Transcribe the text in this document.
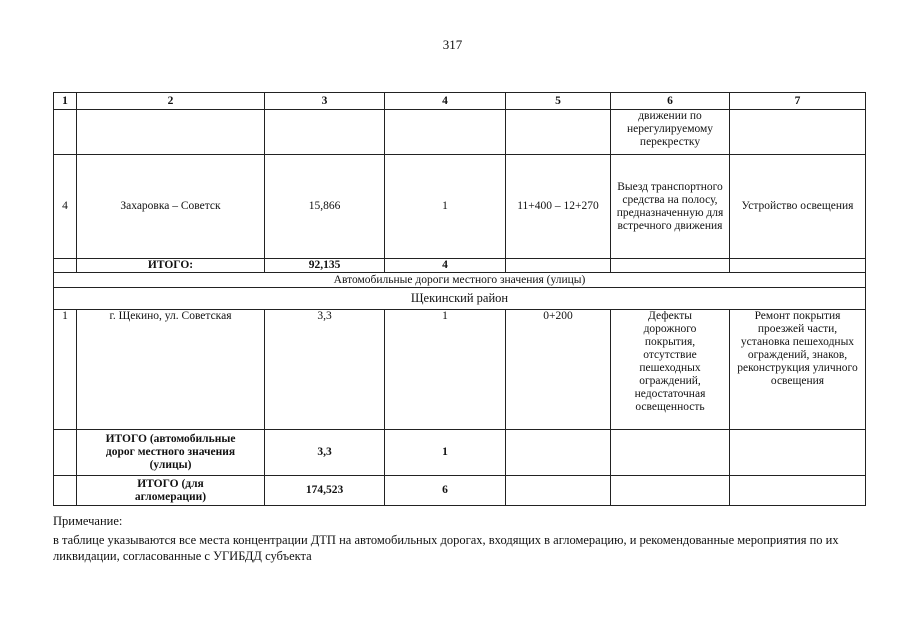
317
1	2	3	4	5	6	7
					движении по нерегулируемому перекрестку	
4	Захаровка – Советск	15,866	1	11+400 – 12+270	Выезд транспортного средства на полосу, предназначенную для встречного движения	Устройство освещения
	ИТОГО:	92,135	4			
Автомобильные дороги местного значения (улицы)						
Щекинский район						
1	г. Щекино, ул. Советская	3,3	1	0+200	Дефекты дорожного покрытия, отсутствие пешеходных ограждений, недостаточная освещенность	Ремонт покрытия проезжей части, установка пешеходных ограждений, знаков, реконструкция уличного освещения
	ИТОГО (автомобильные дорог местного значения (улицы)	3,3	1			
	ИТОГО (для агломерации)	174,523	6			
Примечание:
в таблице указываются все места концентрации ДТП на автомобильных дорогах, входящих в агломерацию, и рекомендованные мероприятия по их ликвидации, согласованные с УГИБДД субъекта
